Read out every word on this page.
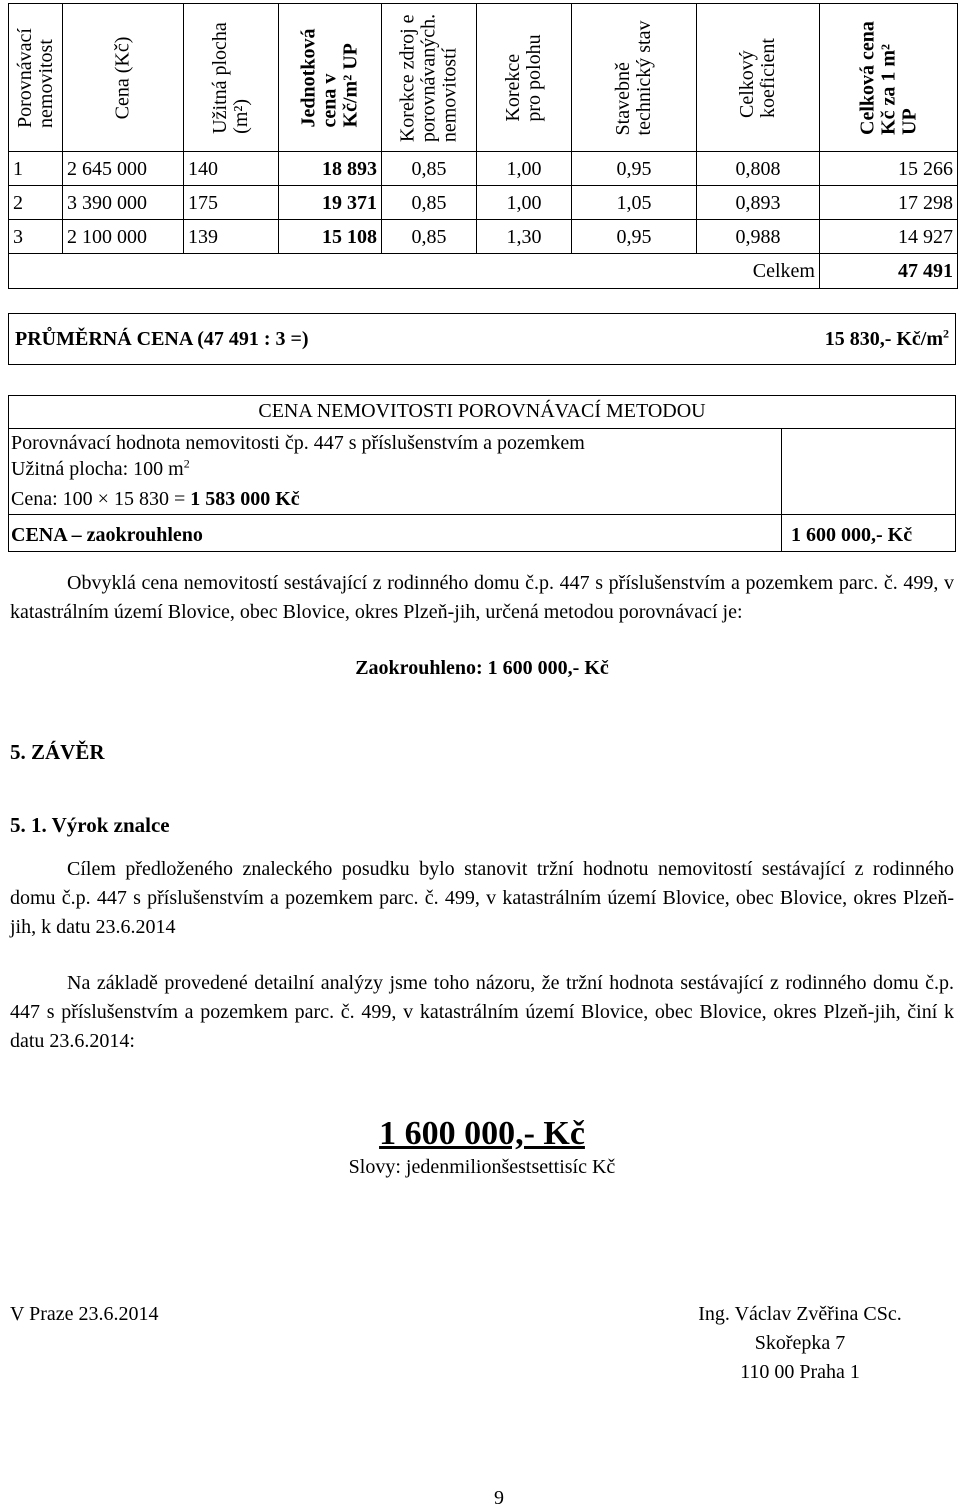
Porovnávací nemovitost	Cena (Kč)	Užitná plocha (m²)	Jednotková cena v Kč/m² UP	Korekce zdroj e porovnávaných. nemovitostí	Korekce pro polohu	Stavebně technický stav	Celkový koeficient	Celková cena Kč za 1 m² UP

1	2 645 000	140	18 893	0,85	1,00	0,95	0,808	15 266
2	3 390 000	175	19 371	0,85	1,00	1,05	0,893	17 298
3	2 100 000	139	15 108	0,85	1,30	0,95	0,988	14 927
							Celkem	47 491
PRŮMĚRNÁ CENA (47 491 : 3 =)	15 830,- $Kč/m^2$
CENA NEMOVITOSTI POROVNÁVACÍ METODOU
Porovnávací hodnota nemovitosti čp. 447 s příslušenstvím a pozemkem
Užitná plocha: 100 $m^2$
Cena: 100 × 15 830 = 1 583 000 Kč
CENA – zaokrouhleno	1 600 000,- Kč
Obvyklá cena nemovitostí sestávající z rodinného domu č.p. 447 s příslušenstvím a pozemkem parc. č. 499, v katastrálním území Blovice, obec Blovice, okres Plzeň-jih, určená metodou porovnávací je:
Zaokrouhleno: 1 600 000,- Kč
5. ZÁVĚR
5. 1. Výrok znalce
Cílem předloženého znaleckého posudku bylo stanovit tržní hodnotu nemovitostí sestávající z rodinného domu č.p. 447 s příslušenstvím a pozemkem parc. č. 499, v katastrálním území Blovice, obec Blovice, okres Plzeň-jih, k datu 23.6.2014
Na základě provedené detailní analýzy jsme toho názoru, že tržní hodnota sestávající z rodinného domu č.p. 447 s příslušenstvím a pozemkem parc. č. 499, v katastrálním území Blovice, obec Blovice, okres Plzeň-jih, činí k datu 23.6.2014:
1 600 000,- Kč
Slovy: jedenmilionšestsettisíc Kč
V Praze 23.6.2014	Ing. Václav Zvěřina CSc.
Skořepka 7
110 00 Praha 1
9
